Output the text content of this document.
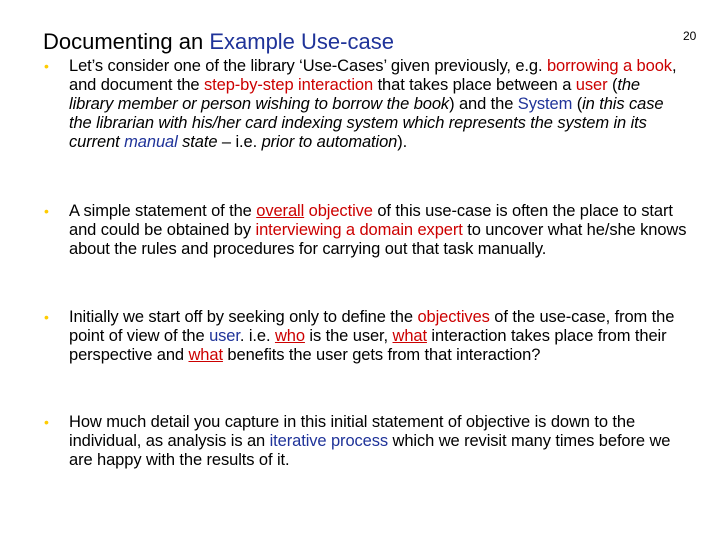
Documenting an Example Use-case	20
• Let’s consider one of the library ‘Use-Cases’ given previously, e.g. borrowing a book, and document the step-by-step interaction that takes place between a user (the library member or person wishing to borrow the book) and the System (in this case the librarian with his/her card indexing system which represents the system in its current manual state – i.e. prior to automation).
• A simple statement of the overall objective of this use-case is often the place to start and could be obtained by interviewing a domain expert to uncover what he/she knows about the rules and procedures for carrying out that task manually.
• Initially we start off by seeking only to define the objectives of the use-case, from the point of view of the user. i.e. who is the user, what interaction takes place from their perspective and what benefits the user gets from that interaction?
• How much detail you capture in this initial statement of objective is down to the individual, as analysis is an iterative process which we revisit many times before we are happy with the results of it.
